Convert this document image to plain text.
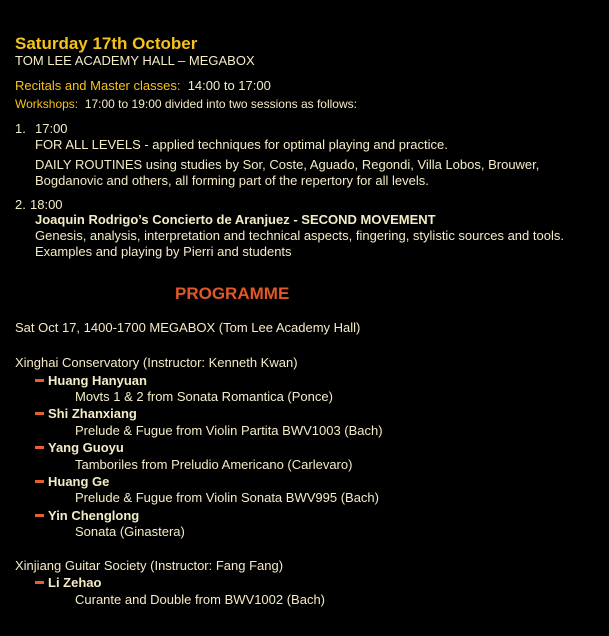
Saturday 17th October
TOM LEE ACADEMY HALL – MEGABOX
Recitals and Master classes: 14:00 to 17:00
Workshops: 17:00 to 19:00 divided into two sessions as follows:
1. 17:00
FOR ALL LEVELS - applied techniques for optimal playing and practice.
DAILY ROUTINES using studies by Sor, Coste, Aguado, Regondi, Villa Lobos, Brouwer,
Bogdanovic and others, all forming part of the repertory for all levels.
2. 18:00
Joaquin Rodrigo’s Concierto de Aranjuez - SECOND MOVEMENT
Genesis, analysis, interpretation and technical aspects, fingering, stylistic sources and tools.
Examples and playing by Pierri and students
PROGRAMME
Sat Oct 17, 1400-1700 MEGABOX (Tom Lee Academy Hall)
Xinghai Conservatory (Instructor: Kenneth Kwan)
Huang Hanyuan
Movts 1 & 2 from Sonata Romantica (Ponce)
Shi Zhanxiang
Prelude & Fugue from Violin Partita BWV1003 (Bach)
Yang Guoyu
Tamboriles from Preludio Americano (Carlevaro)
Huang Ge
Prelude & Fugue from Violin Sonata BWV995 (Bach)
Yin Chenglong
Sonata (Ginastera)
Xinjiang Guitar Society (Instructor: Fang Fang)
Li Zehao
Curante and Double from BWV1002 (Bach)
